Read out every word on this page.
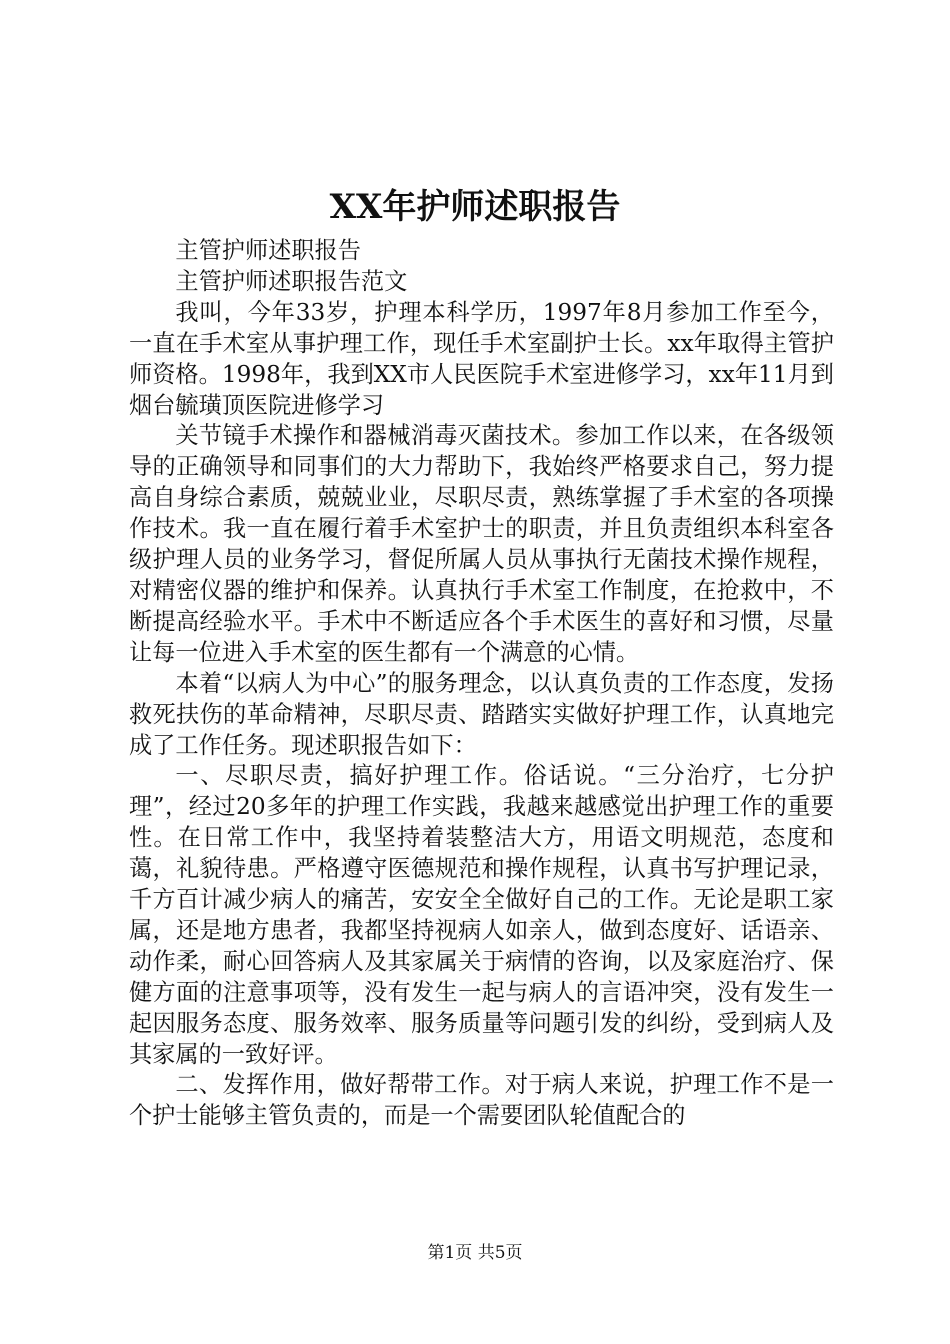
XX年护师述职报告

主管护师述职报告

主管护师述职报告范文

我叫，今年33岁，护理本科学历，1997年8月参加工作至今，一直在手术室从事护理工作，现任手术室副护士长。xx年取得主管护师资格。1998年，我到XX市人民医院手术室进修学习，xx年11月到烟台毓璜顶医院进修学习

关节镜手术操作和器械消毒灭菌技术。参加工作以来，在各级领导的正确领导和同事们的大力帮助下，我始终严格要求自己，努力提高自身综合素质，兢兢业业，尽职尽责，熟练掌握了手术室的各项操作技术。我一直在履行着手术室护士的职责，并且负责组织本科室各级护理人员的业务学习，督促所属人员从事执行无菌技术操作规程，对精密仪器的维护和保养。认真执行手术室工作制度，在抢救中，不断提高经验水平。手术中不断适应各个手术医生的喜好和习惯，尽量让每一位进入手术室的医生都有一个满意的心情。

本着“以病人为中心”的服务理念，以认真负责的工作态度，发扬救死扶伤的革命精神，尽职尽责、踏踏实实做好护理工作，认真地完成了工作任务。现述职报告如下：

一、尽职尽责，搞好护理工作。俗话说。“三分治疗，七分护理”，经过20多年的护理工作实践，我越来越感觉出护理工作的重要性。在日常工作中，我坚持着装整洁大方，用语文明规范，态度和蔼，礼貌待患。严格遵守医德规范和操作规程，认真书写护理记录，千方百计减少病人的痛苦，安安全全做好自己的工作。无论是职工家属，还是地方患者，我都坚持视病人如亲人，做到态度好、话语亲、动作柔，耐心回答病人及其家属关于病情的咨询，以及家庭治疗、保健方面的注意事项等，没有发生一起与病人的言语冲突，没有发生一起因服务态度、服务效率、服务质量等问题引发的纠纷，受到病人及其家属的一致好评。

二、发挥作用，做好帮带工作。对于病人来说，护理工作不是一个护士能够主管负责的，而是一个需要团队轮值配合的

第1页 共5页
